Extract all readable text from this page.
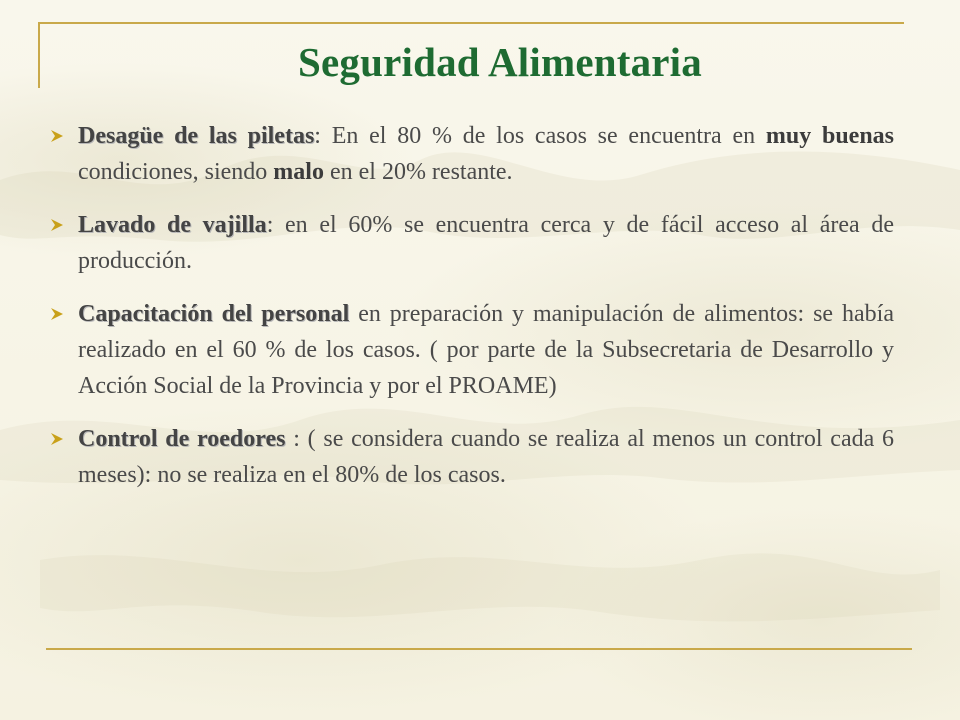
Seguridad Alimentaria
Desagüe de las piletas: En el 80 % de los casos se encuentra en muy buenas condiciones, siendo malo en el 20% restante.
Lavado de vajilla: en el 60% se encuentra cerca y de fácil acceso al área de producción.
Capacitación del personal en preparación y manipulación de alimentos: se había realizado en el 60 % de los casos. ( por parte de la Subsecretaria de Desarrollo y Acción Social de la Provincia y por el PROAME)
Control de roedores : ( se considera cuando se realiza al menos un control cada 6 meses): no se realiza en el 80% de los casos.
